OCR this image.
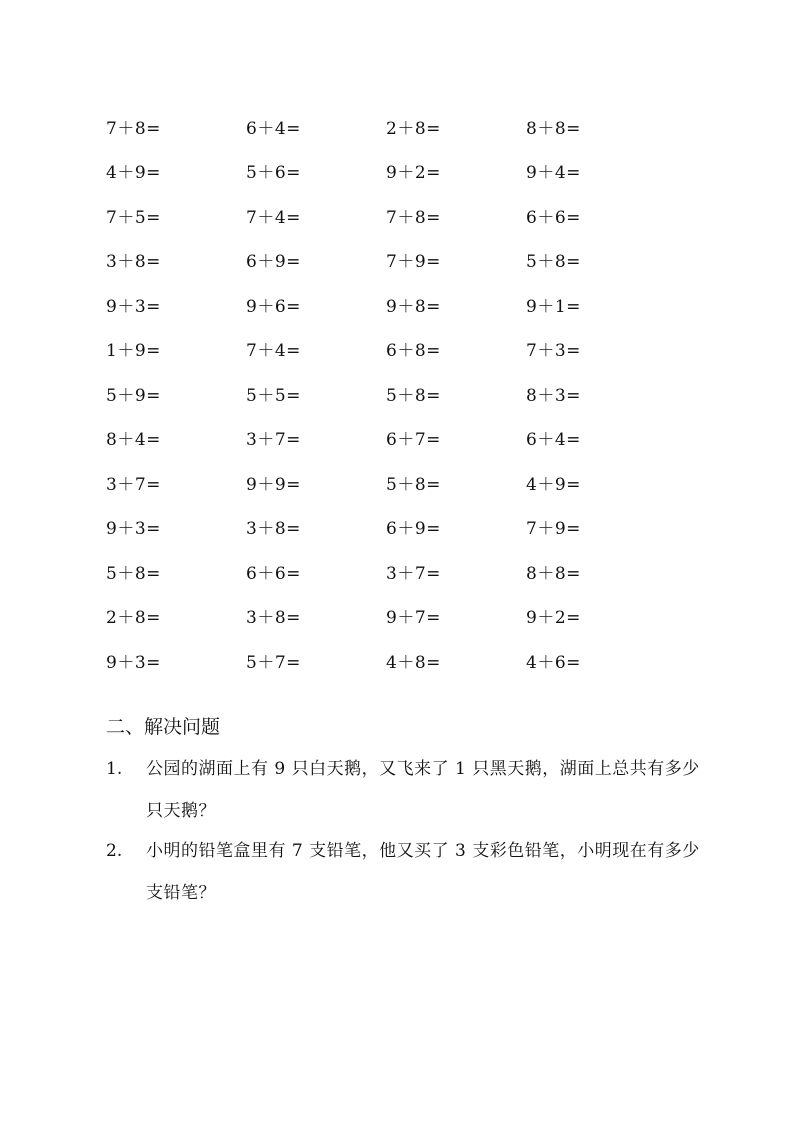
7＋8=	6＋4=	2＋8=	8＋8=
4＋9=	5＋6=	9＋2=	9＋4=
7＋5=	7＋4=	7＋8=	6＋6=
3＋8=	6＋9=	7＋9=	5＋8=
9＋3=	9＋6=	9＋8=	9＋1=
1＋9=	7＋4=	6＋8=	7＋3=
5＋9=	5＋5=	5＋8=	8＋3=
8＋4=	3＋7=	6＋7=	6＋4=
3＋7=	9＋9=	5＋8=	4＋9=
9＋3=	3＋8=	6＋9=	7＋9=
5＋8=	6＋6=	3＋7=	8＋8=
2＋8=	3＋8=	9＋7=	9＋2=
9＋3=	5＋7=	4＋8=	4＋6=
二、解决问题
1. 公园的湖面上有 9 只白天鹅，又飞来了 1 只黑天鹅，湖面上总共有多少只天鹅？
2. 小明的铅笔盒里有 7 支铅笔，他又买了 3 支彩色铅笔，小明现在有多少支铅笔？
